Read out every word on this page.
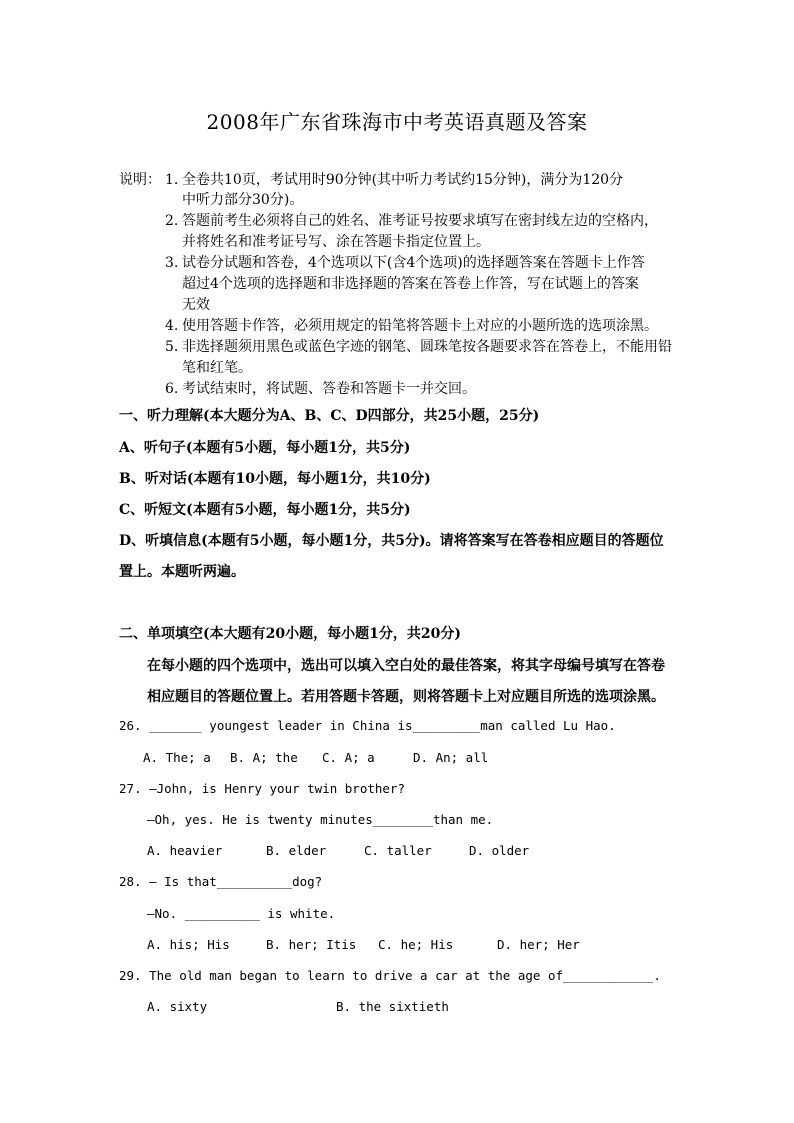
2008年广东省珠海市中考英语真题及答案
说明： 1. 全卷共10页，考试用时90分钟(其中听力考试约15分钟)，满分为120分
中听力部分30分)。
2. 答题前考生必须将自己的姓名、准考证号按要求填写在密封线左边的空格内，
并将姓名和准考证号写、涂在答题卡指定位置上。
3. 试卷分试题和答卷，4个选项以下(含4个选项)的选择题答案在答题卡上作答
超过4个选项的选择题和非选择题的答案在答卷上作答，写在试题上的答案
无效
4. 使用答题卡作答，必须用规定的铅笔将答题卡上对应的小题所选的选项涂黑。
5. 非选择题须用黑色或蓝色字迹的钢笔、圆珠笔按各题要求答在答卷上，不能用铅
笔和红笔。
6. 考试结束时，将试题、答卷和答题卡一并交回。
一、听力理解(本大题分为A、B、C、D四部分，共25小题，25分)
A、听句子(本题有5小题，每小题1分，共5分)
B、听对话(本题有10小题，每小题1分，共10分)
C、听短文(本题有5小题，每小题1分，共5分)
D、听填信息(本题有5小题，每小题1分，共5分)。请将答案写在答卷相应题目的答题位
置上。本题听两遍。
二、单项填空(本大题有20小题，每小题1分，共20分)
在每小题的四个选项中，选出可以填入空白处的最佳答案，将其字母编号填写在答卷
相应题目的答题位置上。若用答题卡答题，则将答题卡上对应题目所选的选项涂黑。
26. _______ youngest leader in China is_________man called Lu Hao.
A. The; a B. A; the C. A; a	D. An; all
27. —John, is Henry your twin brother?
—Oh, yes. He is twenty minutes________than me.
A. heavier	B. elder	C. taller	D. older
28. — Is that__________dog?
—No. __________ is white.
A. his; His	B. her; Itis C. he; His	D. her; Her
29. The old man began to learn to drive a car at the age of____________.
A. sixty	B. the sixtieth
